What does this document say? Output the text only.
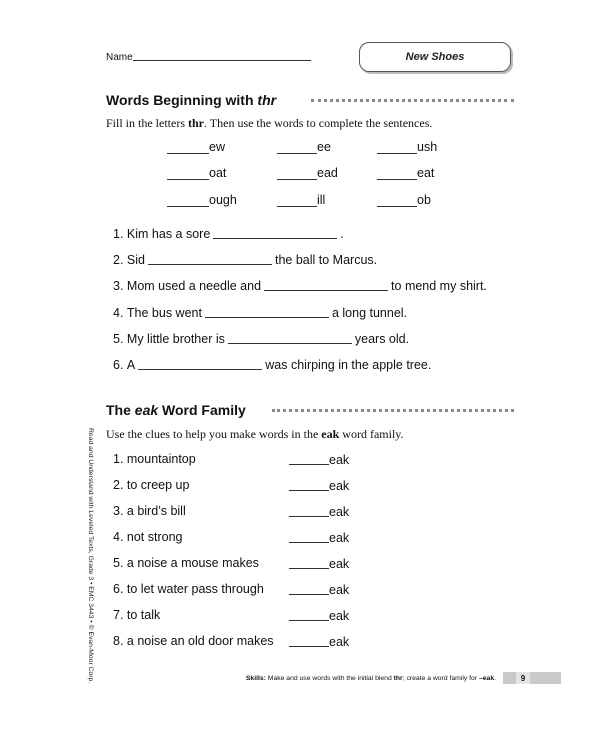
Name	New Shoes
Words Beginning with thr
Fill in the letters thr. Then use the words to complete the sentences.
ew	ee	ush
oat	ead	eat
ough	ill	ob
1.
Kim has a sore	.
2.
Sid	the ball to Marcus.
3.
Mom used a needle and	to mend my shirt.
4.
The bus went	a long tunnel.
5.
My little brother is	years old.
6.
A	was chirping in the apple tree.
The eak Word Family
Use the clues to help you make words in the eak word family.
1. mountaintop	eak
2. to creep up	eak
3. a bird’s bill	eak
4. not strong	eak
5. a noise a mouse makes	eak
6. to let water pass through	eak
7. to talk	eak
8. a noise an old door makes	eak
Read and Understand with Leveled Texts, Grade 3 • EMC 3443 • © Evan-Moor Corp.	Skills: Make and use words with the initial blend thr; create a word family for –eak.	9
